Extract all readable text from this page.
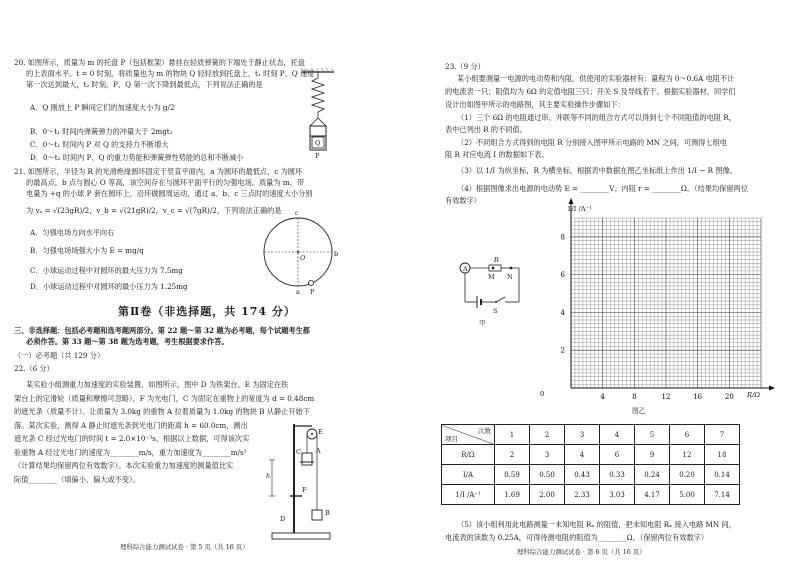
20. 如图所示，质量为 m 的托盘 P（包括框架）悬挂在轻质弹簧的下端处于静止状态，托盘
的上表面水平。t = 0 时刻，将质量也为 m 的物块 Q 轻轻放到托盘上，t₁ 时刻 P、Q 速度
第一次达到最大，t₂ 时刻，P、Q 第一次下降到最低点，下列说法正确的是
A．Q 刚放上 P 瞬间它们的加速度大小为 g/2
B．0～t₁ 时间内弹簧弹力的冲量大于 2mgt₁
C．0～t₁ 时间内 P 对 Q 的支持力不断增大
D．0～t₂ 时间内 P、Q 的重力势能和弹簧弹性势能的总和不断减小
Q
P
21. 如图所示，半径为 R 的光滑绝缘圆环固定于竖直平面内，a 为圆环的最低点，c 为圆环
的最高点，b 点与圆心 O 等高，该空间存在与圆环平面平行的匀强电场。质量为 m、带
电量为 +q 的小球 P 套在圆环上，沿环做圆周运动，通过 a、b、c 三点时的速度大小分别
为 vₐ = √(23gR)/2，v_b = √(21gR)/2，v_c = √(7gR)/2，下列说法正确的是
A．匀强电场方向水平向右
B．匀强电场场强大小为 E = mg/q
C．小球运动过程中对圆环的最大压力为 7.5mg
D．小球运动过程中对圆环的最小压力为 1.25mg
c
b
O
a P
第Ⅱ卷（非选择题，共 174 分）
三、非选择题：包括必考题和选考题两部分。第 22 题～第 32 题为必考题，每个试题考生都
必须作答。第 33 题～第 38 题为选考题，考生根据要求作答。
（一）必考题（共 129 分）
22.（6 分）
某实验小组测重力加速度的实验装置，如图所示，图中 D 为铁架台，E 为固定在铁
架台上的定滑轮（质量和摩擦可忽略），F 为光电门，C 为固定在重物上的宽度为 d = 0.48cm
的遮光条（质量不计）。让质量为 3.0kg 的重物 A 拉着质量为 1.0kg 的物块 B 从静止开始下
落。某次实验，测得 A 静止时遮光条到光电门的距离 h = 60.0cm，测出
遮光条 C 经过光电门的时间 t = 2.0×10⁻³s，根据以上数据，可得该次实
验重物 A 经过光电门的速度为________m/s，重力加速度为________m/s²
（计算结果均保留两位有效数字）。本次实验重力加速度的测量值比实
际值________（填偏小、偏大或不变）。
E
C A
F
h
B
D
理科综合能力测试试卷 · 第 5 页（共 16 页）
23.（9 分）
某小组要测量一电源的电动势和内阻。供使用的实验器材有：量程为 0～0.6A 电阻不计
的电流表一只；阻值均为 6Ω 的定值电阻三只；开关 S 及导线若干。根据实验器材，同学们
设计出如图甲所示的电路图，其主要实验操作步骤如下：
（1）三个 6Ω 的电阻通过串、并联等不同的组合方式可以得到七个不同阻值的电阻 R，
表中已列出 R 的不同值。
（2）不同组合方式得到的电阻 R 分别接入图甲所示电路的 MN 之间，可测得七组电
阻 R 对应电流 I 的数据如下表。
（3）以 1/I 为纵坐标，R 为横坐标，根据表中数据在图乙坐标纸上作出 1/I − R 图像。
（4）根据图像求出电源的电动势 E = ________V；内阻 r = ________Ω。（结果均保留两位
有效数字）
A
R
M N
S
甲
4	8	12	16	20
2
4
6
8
1/I /A⁻¹
R/Ω
0
图乙
次数
项目	1	2	3	4	5	6	7
R/Ω	2	3	4	6	9	12	18
I/A	0.59	0.50	0.43	0.33	0.24	0.20	0.14
1/I /A⁻¹	1.69	2.00	2.33	3.03	4.17	5.00	7.14
（5）该小组利用此电路测量一未知电阻 Rₓ 的阻值，把未知电阻 Rₓ 接入电路 MN 间，
电流表的读数为 0.25A，可得待测电阻的阻值为________Ω，（保留两位有效数字）
理科综合能力测试试卷 · 第 6 页（共 16 页）
